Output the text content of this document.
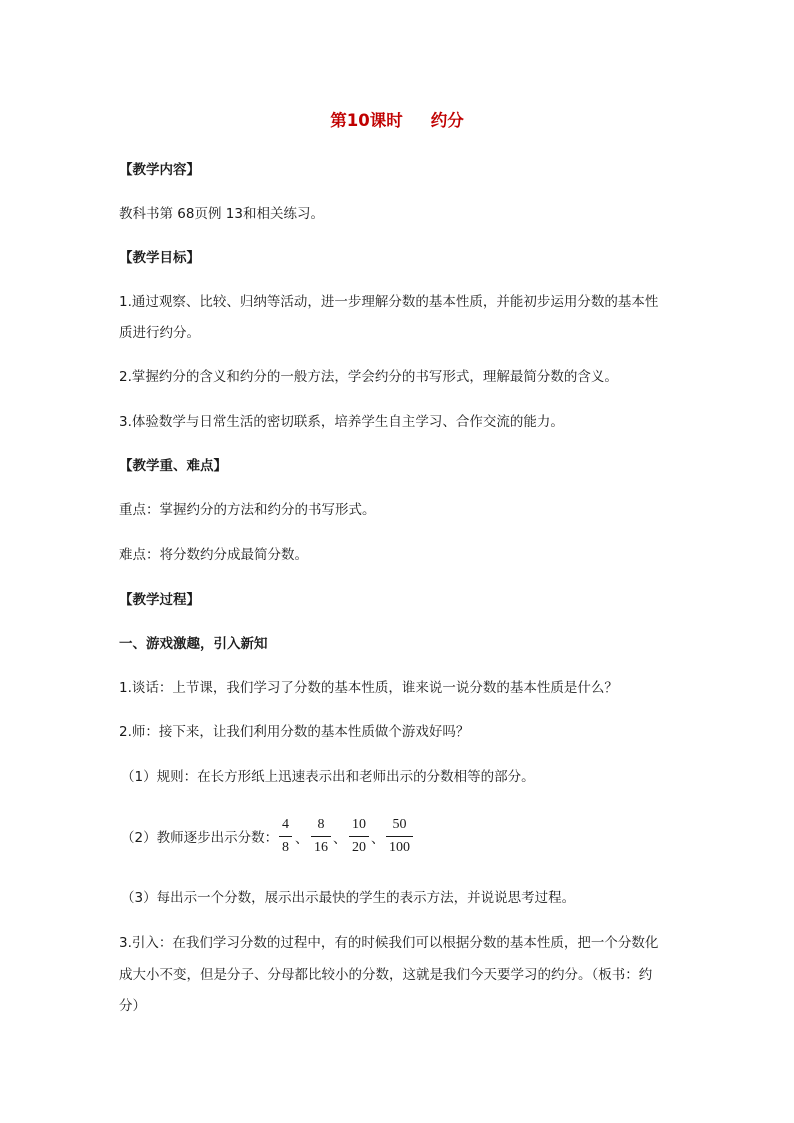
第10课时 约分
【教学内容】
教科书第 68页例 13和相关练习。
【教学目标】
1.通过观察、比较、归纳等活动，进一步理解分数的基本性质，并能初步运用分数的基本性
质进行约分。
2.掌握约分的含义和约分的一般方法，学会约分的书写形式，理解最简分数的含义。
3.体验数学与日常生活的密切联系，培养学生自主学习、合作交流的能力。
【教学重、难点】
重点：掌握约分的方法和约分的书写形式。
难点：将分数约分成最简分数。
【教学过程】
一、游戏激趣，引入新知
1.谈话：上节课，我们学习了分数的基本性质，谁来说一说分数的基本性质是什么？
2.师：接下来，让我们利用分数的基本性质做个游戏好吗？
（1）规则：在长方形纸上迅速表示出和老师出示的分数相等的部分。
（2）教师逐步出示分数：
4
8
、
8
16
、
10
20
、
50
100
（3）每出示一个分数，展示出示最快的学生的表示方法，并说说思考过程。
3.引入：在我们学习分数的过程中，有的时候我们可以根据分数的基本性质，把一个分数化
成大小不变，但是分子、分母都比较小的分数，这就是我们今天要学习的约分。（板书：约
分）
